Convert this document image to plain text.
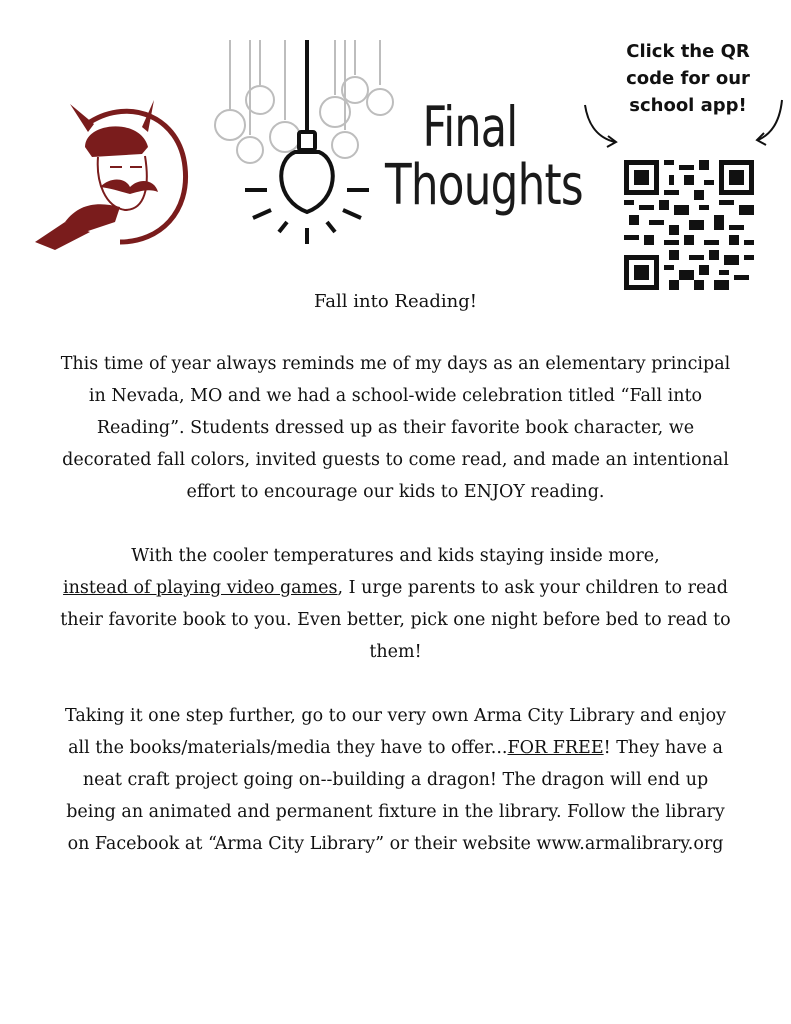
Final
Thoughts
Click the QR code for our school app!
Fall into Reading!

This time of year always reminds me of my days as an elementary principal in Nevada, MO and we had a school-wide celebration titled “Fall into Reading”. Students dressed up as their favorite book character, we decorated fall colors, invited guests to come read, and made an intentional effort to encourage our kids to ENJOY reading.

With the cooler temperatures and kids staying inside more,
instead of playing video games, I urge parents to ask your children to read their favorite book to you. Even better, pick one night before bed to read to them!

Taking it one step further, go to our very own Arma City Library and enjoy all the books/materials/media they have to offer...FOR FREE! They have a neat craft project going on--building a dragon! The dragon will end up being an animated and permanent fixture in the library. Follow the library on Facebook at “Arma City Library” or their website www.armalibrary.org
